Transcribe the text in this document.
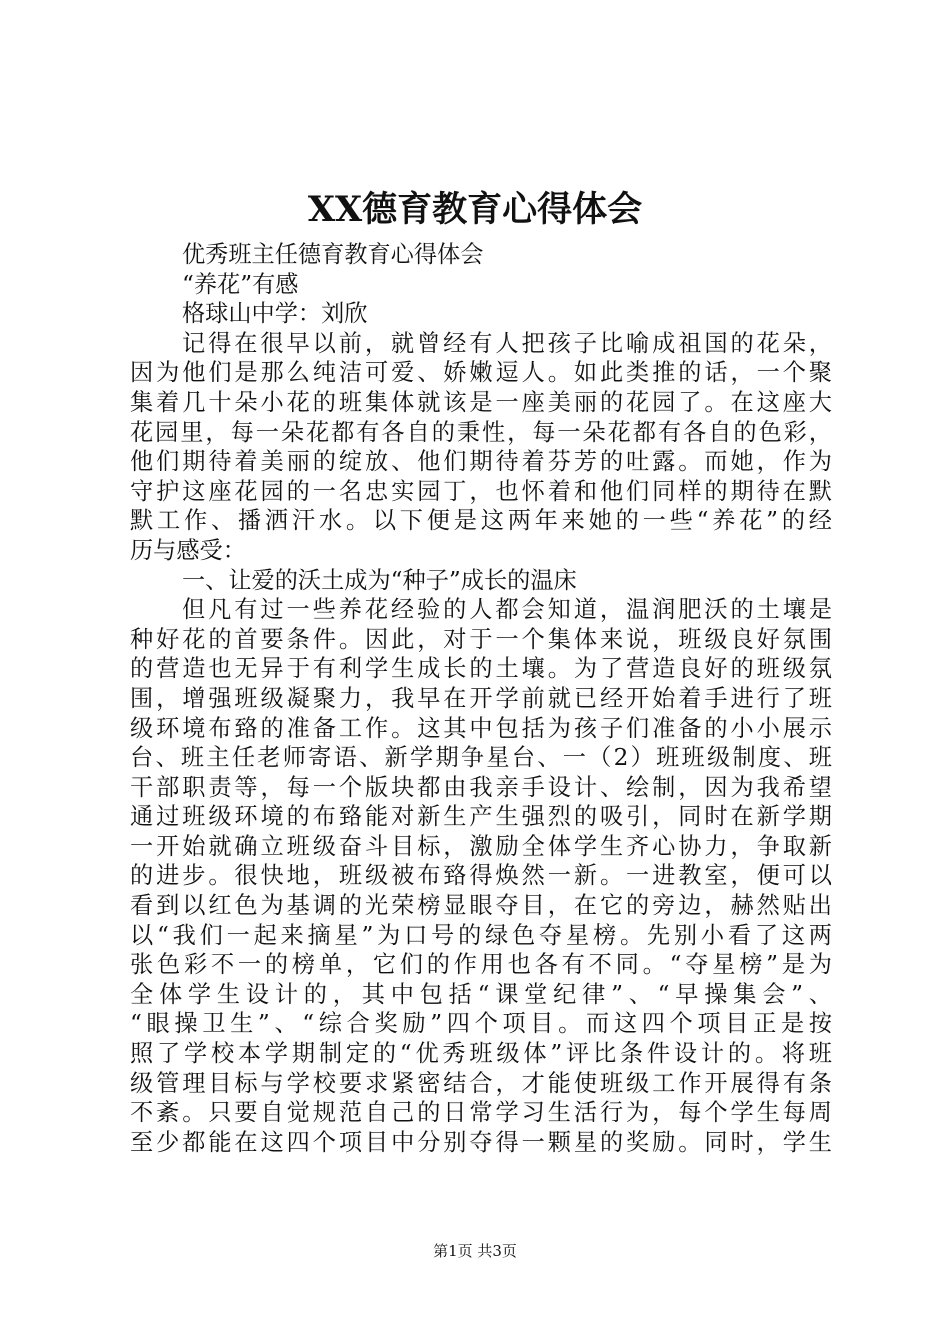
XX德育教育心得体会
优秀班主任德育教育心得体会
“养花”有感
格球山中学：刘欣
记得在很早以前，就曾经有人把孩子比喻成祖国的花朵，
因为他们是那么纯洁可爱、娇嫩逗人。如此类推的话，一个聚
集着几十朵小花的班集体就该是一座美丽的花园了。在这座大
花园里，每一朵花都有各自的秉性，每一朵花都有各自的色彩，
他们期待着美丽的绽放、他们期待着芬芳的吐露。而她，作为
守护这座花园的一名忠实园丁，也怀着和他们同样的期待在默
默工作、播洒汗水。以下便是这两年来她的一些“养花”的经
历与感受：
一、让爱的沃土成为“种子”成长的温床
但凡有过一些养花经验的人都会知道，温润肥沃的土壤是
种好花的首要条件。因此，对于一个集体来说，班级良好氛围
的营造也无异于有利学生成长的土壤。为了营造良好的班级氛
围，增强班级凝聚力，我早在开学前就已经开始着手进行了班
级环境布臵的准备工作。这其中包括为孩子们准备的小小展示
台、班主任老师寄语、新学期争星台、一（2）班班级制度、班
干部职责等，每一个版块都由我亲手设计、绘制，因为我希望
通过班级环境的布臵能对新生产生强烈的吸引，同时在新学期
一开始就确立班级奋斗目标，激励全体学生齐心协力，争取新
的进步。很快地，班级被布臵得焕然一新。一进教室，便可以
看到以红色为基调的光荣榜显眼夺目，在它的旁边，赫然贴出
以“我们一起来摘星”为口号的绿色夺星榜。先别小看了这两
张色彩不一的榜单，它们的作用也各有不同。“夺星榜”是为
全体学生设计的，其中包括“课堂纪律”、“早操集会”、
“眼操卫生”、“综合奖励”四个项目。而这四个项目正是按
照了学校本学期制定的“优秀班级体”评比条件设计的。将班
级管理目标与学校要求紧密结合，才能使班级工作开展得有条
不紊。只要自觉规范自己的日常学习生活行为，每个学生每周
至少都能在这四个项目中分别夺得一颗星的奖励。同时，学生
第1页 共3页
